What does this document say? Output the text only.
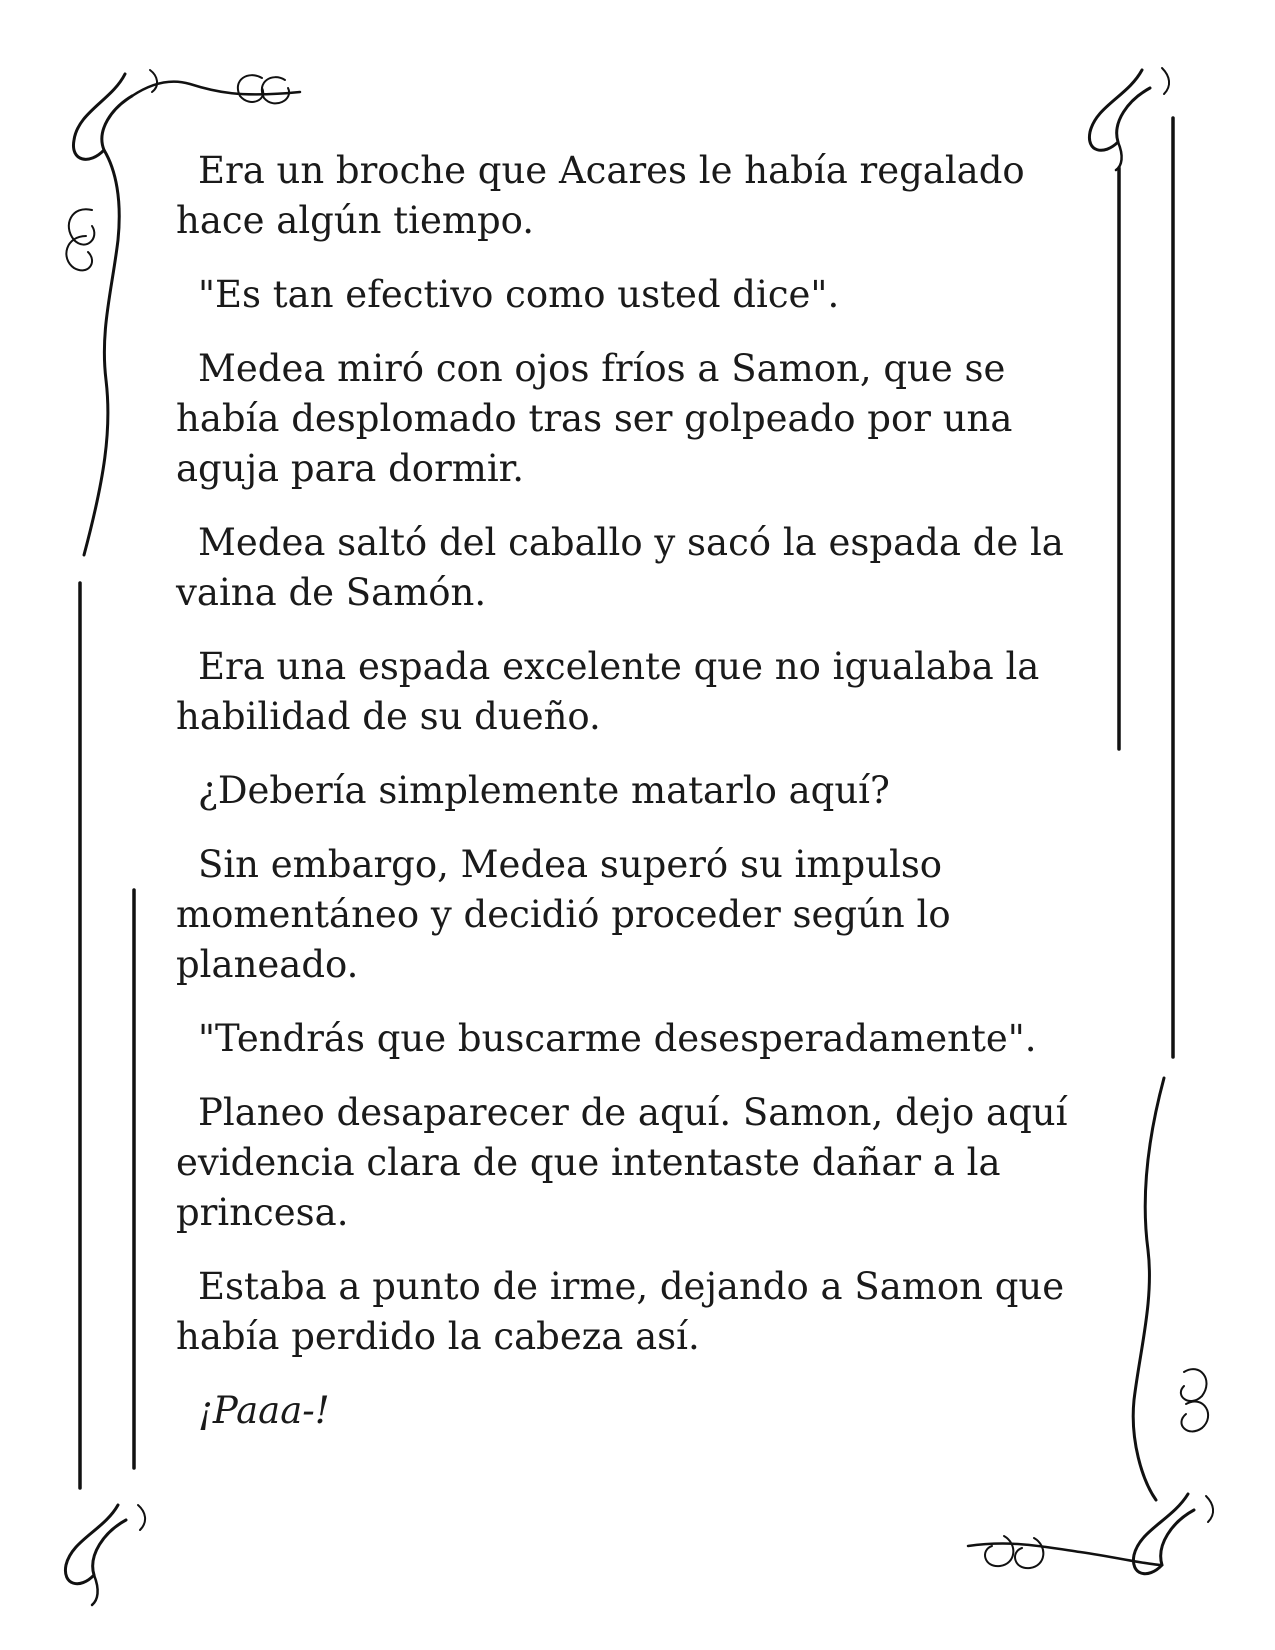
Era un broche que Acares le había regalado hace algún tiempo.

"Es tan efectivo como usted dice".

Medea miró con ojos fríos a Samon, que se había desplomado tras ser golpeado por una aguja para dormir.

Medea saltó del caballo y sacó la espada de la vaina de Samón.

Era una espada excelente que no igualaba la habilidad de su dueño.

¿Debería simplemente matarlo aquí?

Sin embargo, Medea superó su impulso momentáneo y decidió proceder según lo planeado.

"Tendrás que buscarme desesperadamente".

Planeo desaparecer de aquí. Samon, dejo aquí evidencia clara de que intentaste dañar a la princesa.

Estaba a punto de irme, dejando a Samon que había perdido la cabeza así.

¡Paaa-!
